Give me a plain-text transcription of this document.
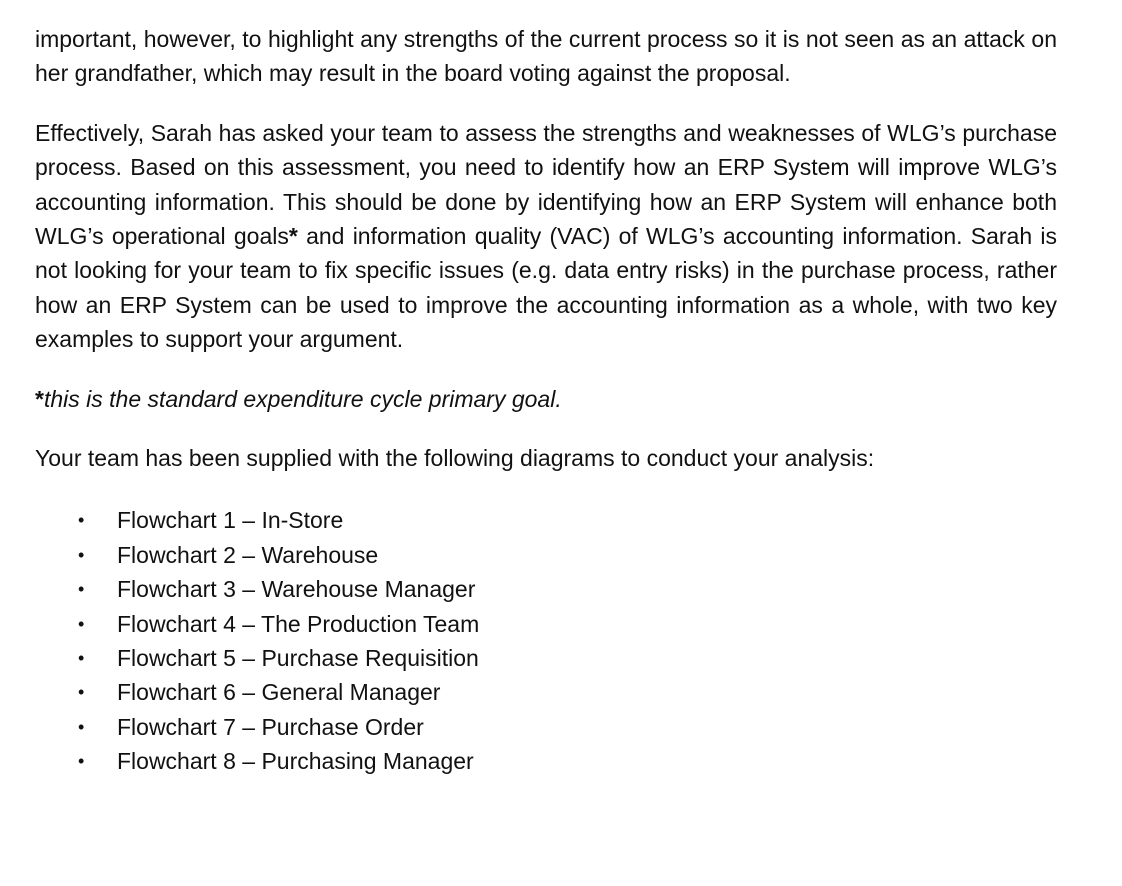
important, however, to highlight any strengths of the current process so it is not seen as an attack on her grandfather, which may result in the board voting against the proposal.

Effectively, Sarah has asked your team to assess the strengths and weaknesses of WLG’s purchase process. Based on this assessment, you need to identify how an ERP System will improve WLG’s accounting information. This should be done by identifying how an ERP System will enhance both WLG’s operational goals* and information quality (VAC) of WLG’s accounting information. Sarah is not looking for your team to fix specific issues (e.g. data entry risks) in the purchase process, rather how an ERP System can be used to improve the accounting information as a whole, with two key examples to support your argument.

*this is the standard expenditure cycle primary goal.

Your team has been supplied with the following diagrams to conduct your analysis:

• Flowchart 1 – In-Store
• Flowchart 2 – Warehouse
• Flowchart 3 – Warehouse Manager
• Flowchart 4 – The Production Team
• Flowchart 5 – Purchase Requisition
• Flowchart 6 – General Manager
• Flowchart 7 – Purchase Order
• Flowchart 8 – Purchasing Manager
